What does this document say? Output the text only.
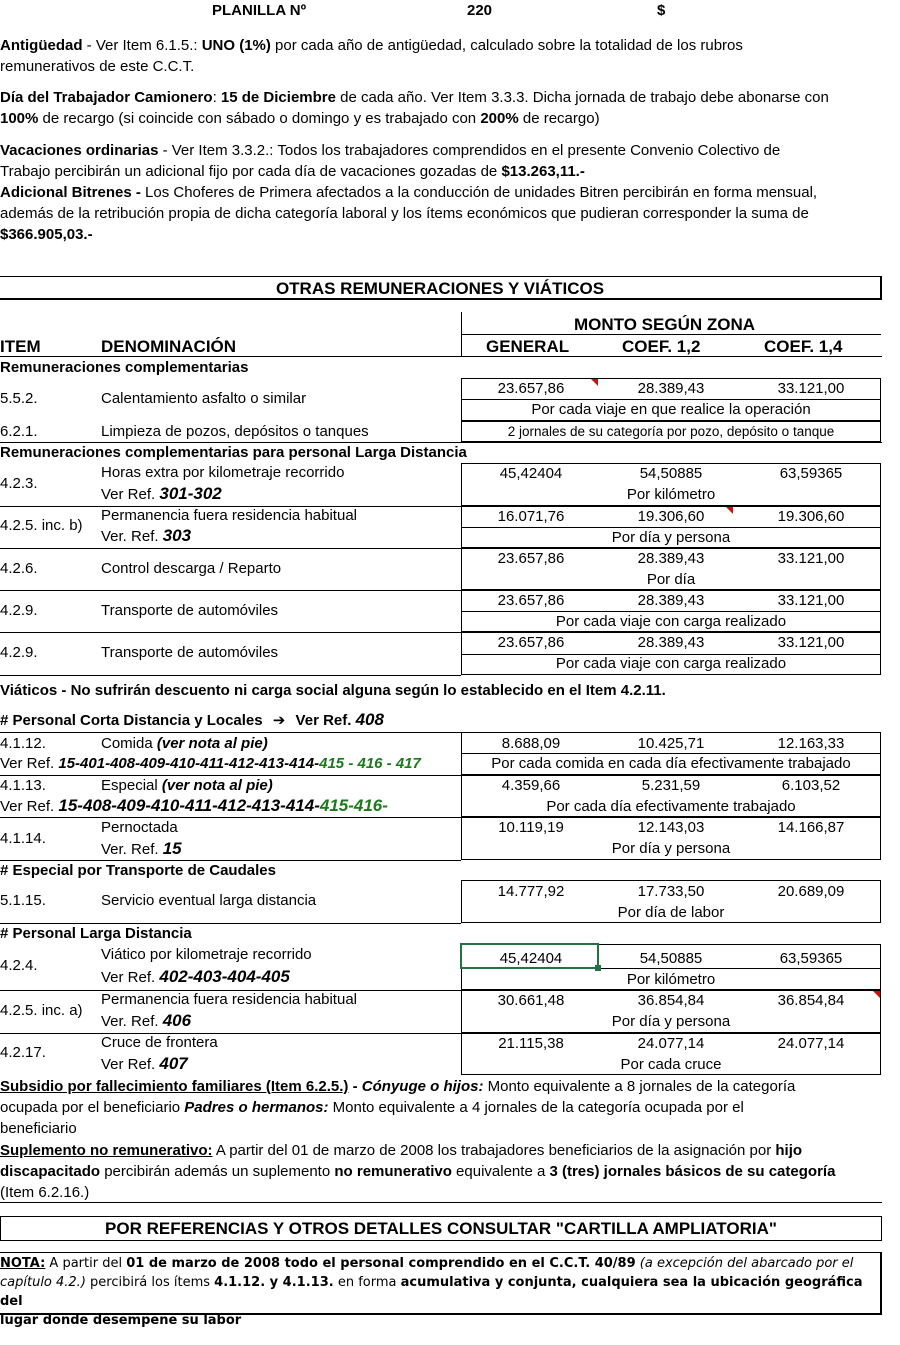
PLANILLA Nº	220	$
Antigüedad - Ver Item 6.1.5.: UNO (1%) por cada año de antigüedad, calculado sobre la totalidad de los rubros
remunerativos de este C.C.T.
Día del Trabajador Camionero: 15 de Diciembre de cada año. Ver Item 3.3.3. Dicha jornada de trabajo debe abonarse con
100% de recargo (si coincide con sábado o domingo y es trabajado con 200% de recargo)
Vacaciones ordinarias - Ver Item 3.3.2.: Todos los trabajadores comprendidos en el presente Convenio Colectivo de
Trabajo percibirán un adicional fijo por cada día de vacaciones gozadas de $13.263,11.-
Adicional Bitrenes - Los Choferes de Primera afectados a la conducción de unidades Bitren percibirán en forma mensual,
además de la retribución propia de dicha categoría laboral y los ítems económicos que pudieran corresponder la suma de
$366.905,03.-
OTRAS REMUNERACIONES Y VIÁTICOS
MONTO SEGÚN ZONA
ITEM	DENOMINACIÓN	GENERAL	COEF. 1,2	COEF. 1,4
Remuneraciones complementarias
5.5.2.	Calentamiento asfalto o similar
23.657,86	28.389,43	33.121,00
Por cada viaje en que realice la operación
6.2.1.	Limpieza de pozos, depósitos o tanques	2 jornales de su categoría por pozo, depósito o tanque
Remuneraciones complementarias para personal Larga Distancia
4.2.3.
Horas extra por kilometraje recorrido
Ver Ref. 301-302
45,42404	54,50885	63,59365
Por kilómetro
4.2.5. inc. b)
Permanencia fuera residencia habitual
Ver. Ref. 303
16.071,76	19.306,60	19.306,60
Por día y persona
4.2.6.	Control descarga / Reparto
23.657,86	28.389,43	33.121,00
Por día
4.2.9.	Transporte de automóviles
23.657,86	28.389,43	33.121,00
Por cada viaje con carga realizado
4.2.9.	Transporte de automóviles
23.657,86	28.389,43	33.121,00
Por cada viaje con carga realizado
Viáticos - No sufrirán descuento ni carga social alguna según lo establecido en el Item 4.2.11.
# Personal Corta Distancia y Locales ➔ Ver Ref. 408
4.1.12.	Comida (ver nota al pie)
Ver Ref. 15-401-408-409-410-411-412-413-414-415 - 416 - 417
8.688,09	10.425,71	12.163,33
Por cada comida en cada día efectivamente trabajado
4.1.13.	Especial (ver nota al pie)
Ver Ref. 15-408-409-410-411-412-413-414-415-416-
4.359,66	5.231,59	6.103,52
Por cada día efectivamente trabajado
4.1.14.
Pernoctada
Ver. Ref. 15
10.119,19	12.143,03	14.166,87
Por día y persona
# Especial por Transporte de Caudales
5.1.15.	Servicio eventual larga distancia
14.777,92	17.733,50	20.689,09
Por día de labor
# Personal Larga Distancia
4.2.4.
Viático por kilometraje recorrido
Ver Ref. 402-403-404-405
45,42404	54,50885	63,59365
Por kilómetro
4.2.5. inc. a)
Permanencia fuera residencia habitual
Ver. Ref. 406
30.661,48	36.854,84	36.854,84
Por día y persona
4.2.17.
Cruce de frontera
Ver Ref. 407
21.115,38	24.077,14	24.077,14
Por cada cruce
Subsidio por fallecimiento familiares (Item 6.2.5.) - Cónyuge o hijos: Monto equivalente a 8 jornales de la categoría
ocupada por el beneficiario Padres o hermanos: Monto equivalente a 4 jornales de la categoría ocupada por el
beneficiario
Suplemento no remunerativo: A partir del 01 de marzo de 2008 los trabajadores beneficiarios de la asignación por hijo
discapacitado percibirán además un suplemento no remunerativo equivalente a 3 (tres) jornales básicos de su categoría
(Item 6.2.16.)
POR REFERENCIAS Y OTROS DETALLES CONSULTAR "CARTILLA AMPLIATORIA"
NOTA: A partir del 01 de marzo de 2008 todo el personal comprendido en el C.C.T. 40/89 (a excepción del abarcado por el
capítulo 4.2.) percibirá los ítems 4.1.12. y 4.1.13. en forma acumulativa y conjunta, cualquiera sea la ubicación geográfica del
lugar donde desempeñe su labor
